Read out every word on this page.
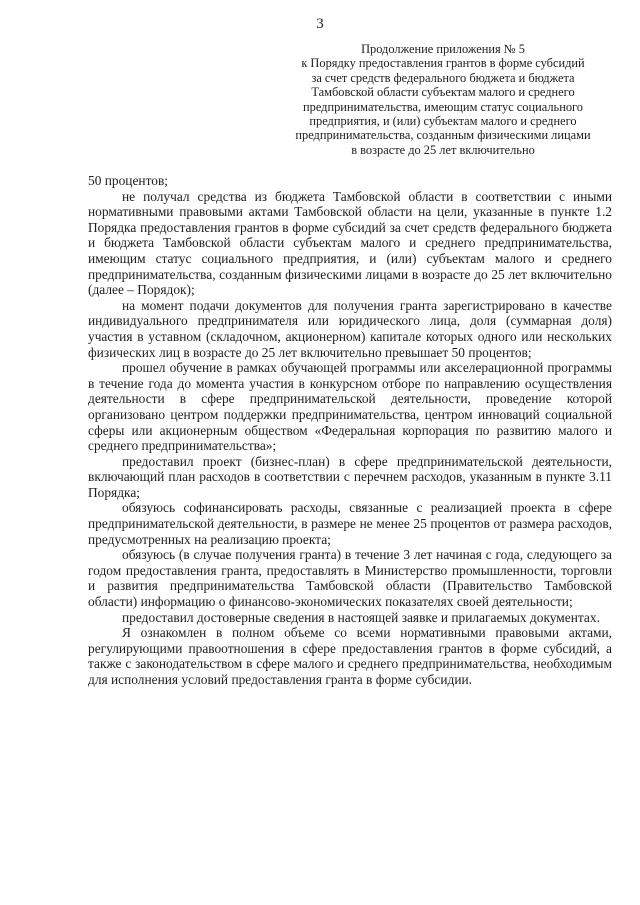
3
Продолжение приложения № 5
к Порядку предоставления грантов в форме субсидий
за счет средств федерального бюджета и бюджета
Тамбовской области субъектам малого и среднего
предпринимательства, имеющим статус социального
предприятия, и (или) субъектам малого и среднего
предпринимательства, созданным физическими лицами
в возрасте до 25 лет включительно

50 процентов;

не получал средства из бюджета Тамбовской области в соответствии с иными нормативными правовыми актами Тамбовской области на цели, указанные в пункте 1.2 Порядка предоставления грантов в форме субсидий за счет средств федерального бюджета и бюджета Тамбовской области субъектам малого и среднего предпринимательства, имеющим статус социального предприятия, и (или) субъектам малого и среднего предпринимательства, созданным физическими лицами в возрасте до 25 лет включительно (далее – Порядок);

на момент подачи документов для получения гранта зарегистрировано в качестве индивидуального предпринимателя или юридического лица, доля (суммарная доля) участия в уставном (складочном, акционерном) капитале которых одного или нескольких физических лиц в возрасте до 25 лет включительно превышает 50 процентов;

прошел обучение в рамках обучающей программы или акселерационной программы в течение года до момента участия в конкурсном отборе по направлению осуществления деятельности в сфере предпринимательской деятельности, проведение которой организовано центром поддержки предпринимательства, центром инноваций социальной сферы или акционерным обществом «Федеральная корпорация по развитию малого и среднего предпринимательства»;

предоставил проект (бизнес-план) в сфере предпринимательской деятельности, включающий план расходов в соответствии с перечнем расходов, указанным в пункте 3.11 Порядка;

обязуюсь софинансировать расходы, связанные с реализацией проекта в сфере предпринимательской деятельности, в размере не менее 25 процентов от размера расходов, предусмотренных на реализацию проекта;

обязуюсь (в случае получения гранта) в течение 3 лет начиная с года, следующего за годом предоставления гранта, предоставлять в Министерство промышленности, торговли и развития предпринимательства Тамбовской области (Правительство Тамбовской области) информацию о финансово-экономических показателях своей деятельности;

предоставил достоверные сведения в настоящей заявке и прилагаемых документах.

Я ознакомлен в полном объеме со всеми нормативными правовыми актами, регулирующими правоотношения в сфере предоставления грантов в форме субсидий, а также с законодательством в сфере малого и среднего предпринимательства, необходимым для исполнения условий предоставления гранта в форме субсидии.
